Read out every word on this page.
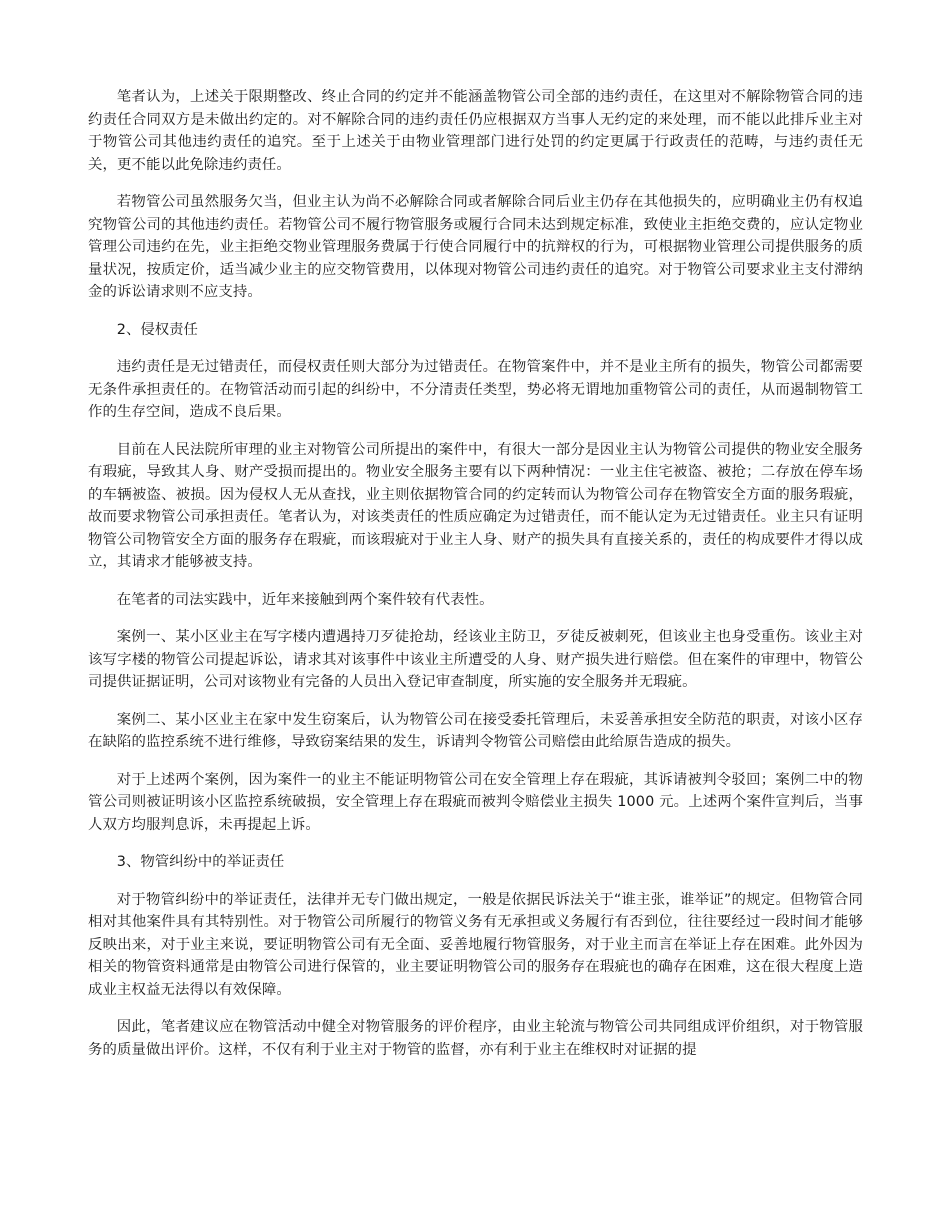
笔者认为，上述关于限期整改、终止合同的约定并不能涵盖物管公司全部的违约责任，在这里对不解除物管合同的违约责任合同双方是未做出约定的。对不解除合同的违约责任仍应根据双方当事人无约定的来处理，而不能以此排斥业主对于物管公司其他违约责任的追究。至于上述关于由物业管理部门进行处罚的约定更属于行政责任的范畴，与违约责任无关，更不能以此免除违约责任。

若物管公司虽然服务欠当，但业主认为尚不必解除合同或者解除合同后业主仍存在其他损失的，应明确业主仍有权追究物管公司的其他违约责任。若物管公司不履行物管服务或履行合同未达到规定标准，致使业主拒绝交费的，应认定物业管理公司违约在先，业主拒绝交物业管理服务费属于行使合同履行中的抗辩权的行为，可根据物业管理公司提供服务的质量状况，按质定价，适当减少业主的应交物管费用，以体现对物管公司违约责任的追究。对于物管公司要求业主支付滞纳金的诉讼请求则不应支持。

2、侵权责任

违约责任是无过错责任，而侵权责任则大部分为过错责任。在物管案件中，并不是业主所有的损失，物管公司都需要无条件承担责任的。在物管活动而引起的纠纷中，不分清责任类型，势必将无谓地加重物管公司的责任，从而遏制物管工作的生存空间，造成不良后果。

目前在人民法院所审理的业主对物管公司所提出的案件中，有很大一部分是因业主认为物管公司提供的物业安全服务有瑕疵，导致其人身、财产受损而提出的。物业安全服务主要有以下两种情况：一业主住宅被盗、被抢；二存放在停车场的车辆被盗、被损。因为侵权人无从查找，业主则依据物管合同的约定转而认为物管公司存在物管安全方面的服务瑕疵，故而要求物管公司承担责任。笔者认为，对该类责任的性质应确定为过错责任，而不能认定为无过错责任。业主只有证明物管公司物管安全方面的服务存在瑕疵，而该瑕疵对于业主人身、财产的损失具有直接关系的，责任的构成要件才得以成立，其请求才能够被支持。

在笔者的司法实践中，近年来接触到两个案件较有代表性。

案例一、某小区业主在写字楼内遭遇持刀歹徒抢劫，经该业主防卫，歹徒反被刺死，但该业主也身受重伤。该业主对该写字楼的物管公司提起诉讼，请求其对该事件中该业主所遭受的人身、财产损失进行赔偿。但在案件的审理中，物管公司提供证据证明，公司对该物业有完备的人员出入登记审查制度，所实施的安全服务并无瑕疵。

案例二、某小区业主在家中发生窃案后，认为物管公司在接受委托管理后，未妥善承担安全防范的职责，对该小区存在缺陷的监控系统不进行维修，导致窃案结果的发生，诉请判令物管公司赔偿由此给原告造成的损失。

对于上述两个案例，因为案件一的业主不能证明物管公司在安全管理上存在瑕疵，其诉请被判令驳回；案例二中的物管公司则被证明该小区监控系统破损，安全管理上存在瑕疵而被判令赔偿业主损失 1000 元。上述两个案件宣判后，当事人双方均服判息诉，未再提起上诉。

3、物管纠纷中的举证责任

对于物管纠纷中的举证责任，法律并无专门做出规定，一般是依据民诉法关于“谁主张，谁举证”的规定。但物管合同相对其他案件具有其特别性。对于物管公司所履行的物管义务有无承担或义务履行有否到位，往往要经过一段时间才能够反映出来，对于业主来说，要证明物管公司有无全面、妥善地履行物管服务，对于业主而言在举证上存在困难。此外因为相关的物管资料通常是由物管公司进行保管的，业主要证明物管公司的服务存在瑕疵也的确存在困难，这在很大程度上造成业主权益无法得以有效保障。

因此，笔者建议应在物管活动中健全对物管服务的评价程序，由业主轮流与物管公司共同组成评价组织，对于物管服务的质量做出评价。这样，不仅有利于业主对于物管的监督，亦有利于业主在维权时对证据的提
